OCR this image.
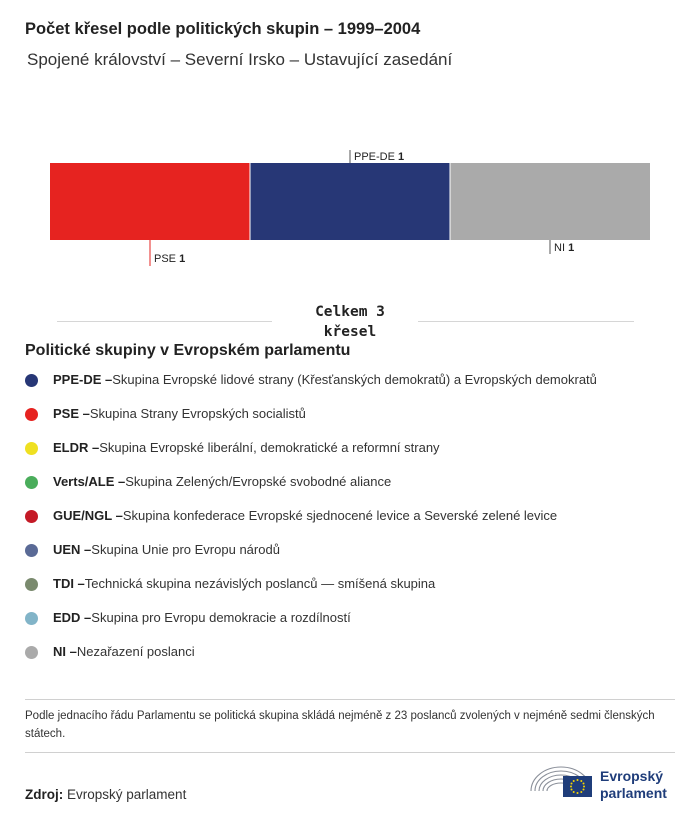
Počet křesel podle politických skupin – 1999–2004
Spojené království – Severní Irsko – Ustavující zasedání
PSE 1
PPE-DE 1
NI 1
Celkem 3
křesel
Politické skupiny v Evropském parlamentu
PPE-DE – Skupina Evropské lidové strany (Křesťanských demokratů) a Evropských demokratů
PSE – Skupina Strany Evropských socialistů
ELDR – Skupina Evropské liberální, demokratické a reformní strany
Verts/ALE – Skupina Zelených/Evropské svobodné aliance
GUE/NGL – Skupina konfederace Evropské sjednocené levice a Severské zelené levice
UEN – Skupina Unie pro Evropu národů
TDI – Technická skupina nezávislých poslanců — smíšená skupina
EDD – Skupina pro Evropu demokracie a rozdílností
NI – Nezařazení poslanci
Podle jednacího řádu Parlamentu se politická skupina skládá nejméně z 23 poslanců zvolených v nejméně sedmi členských státech.
Zdroj: Evropský parlament
Evropský
parlament
